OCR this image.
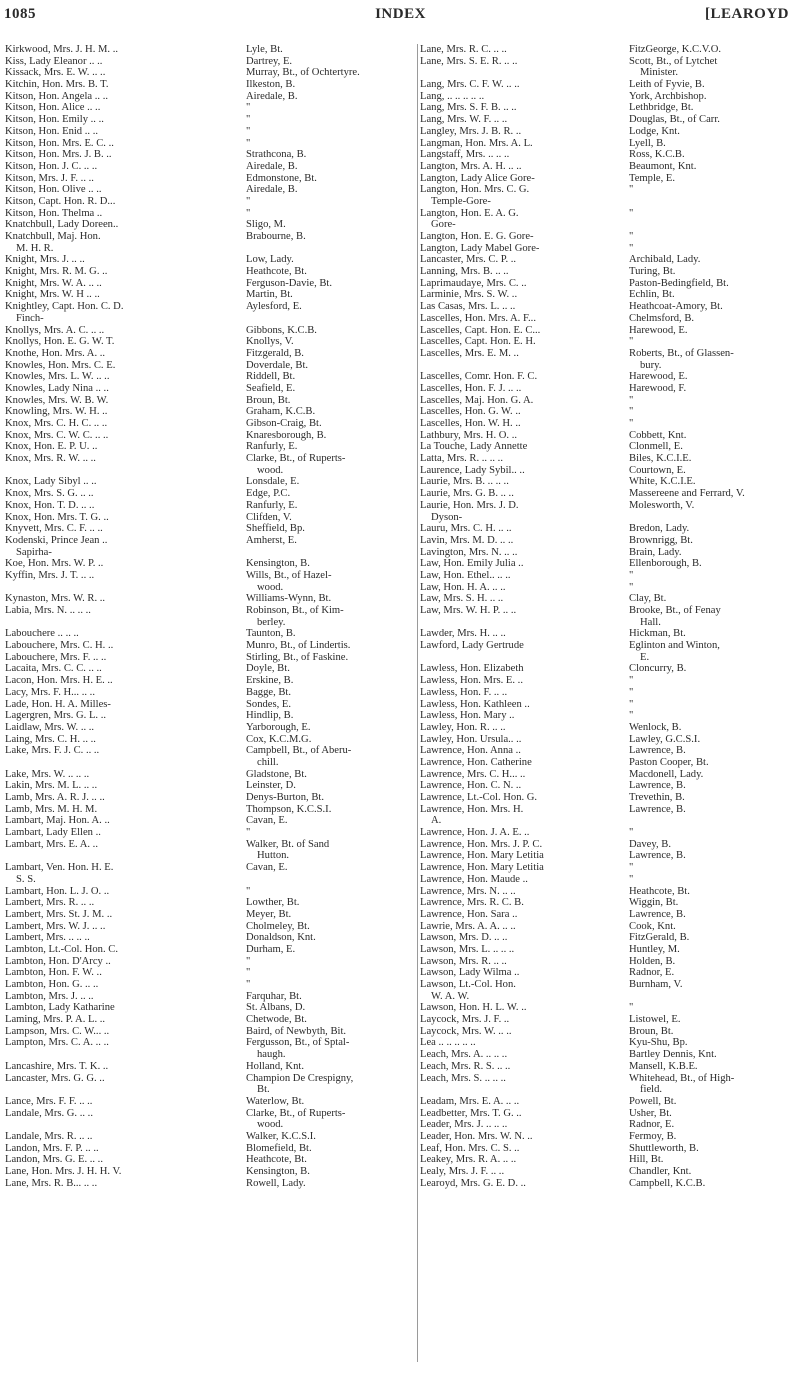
1085	INDEX	[LEAROYD
Kirkwood, Mrs. J. H. M. ..
Kiss, Lady Eleanor .. ..
Kissack, Mrs. E. W. .. ..
Kitchin, Hon. Mrs. B. T.
Kitson, Hon. Angela .. ..
Kitson, Hon. Alice .. ..
Kitson, Hon. Emily .. ..
Kitson, Hon. Enid .. ..
Kitson, Hon. Mrs. E. C. ..
Kitson, Hon. Mrs. J. B. ..
Kitson, Hon. J. C. .. ..
Kitson, Mrs. J. F. .. ..
Kitson, Hon. Olive .. ..
Kitson, Capt. Hon. R. D...
Kitson, Hon. Thelma ..
Knatchbull, Lady Doreen..
Knatchbull, Maj. Hon.
M. H. R.
Knight, Mrs. J. .. ..
Knight, Mrs. R. M. G. ..
Knight, Mrs. W. A. .. ..
Knight, Mrs. W. H .. ..
Knightley, Capt. Hon. C. D.
Finch-
Knollys, Mrs. A. C. .. ..
Knollys, Hon. E. G. W. T.
Knothe, Hon. Mrs. A. ..
Knowles, Hon. Mrs. C. E.
Knowles, Mrs. L. W. .. ..
Knowles, Lady Nina .. ..
Knowles, Mrs. W. B. W.
Knowling, Mrs. W. H. ..
Knox, Mrs. C. H. C. .. ..
Knox, Mrs. C. W. C. .. ..
Knox, Hon. E. P. U. ..
Knox, Mrs. R. W. .. ..
Knox, Lady Sibyl .. ..
Knox, Mrs. S. G. .. ..
Knox, Hon. T. D. .. ..
Knox, Hon. Mrs. T. G. ..
Knyvett, Mrs. C. F. .. ..
Kodenski, Prince Jean ..
Sapirha-
Koe, Hon. Mrs. W. P. ..
Kyffin, Mrs. J. T. .. ..
Kynaston, Mrs. W. R. ..
Labia, Mrs. N. .. .. ..
Labouchere .. .. ..
Labouchere, Mrs. C. H. ..
Labouchere, Mrs. F. .. ..
Lacaita, Mrs. C. C. .. ..
Lacon, Hon. Mrs. H. E. ..
Lacy, Mrs. F. H... .. ..
Lade, Hon. H. A. Milles-
Lagergren, Mrs. G. L. ..
Laidlaw, Mrs. W. .. ..
Laing, Mrs. C. H. .. ..
Lake, Mrs. F. J. C. .. ..
Lake, Mrs. W. .. .. ..
Lakin, Mrs. M. L. .. ..
Lamb, Mrs. A. R. J. .. ..
Lamb, Mrs. M. H. M.
Lambart, Maj. Hon. A. ..
Lambart, Lady Ellen ..
Lambart, Mrs. E. A. ..
Lambart, Ven. Hon. H. E.
S. S.
Lambart, Hon. L. J. O. ..
Lambert, Mrs. R. .. ..
Lambert, Mrs. St. J. M. ..
Lambert, Mrs. W. J. .. ..
Lambert, Mrs. .. .. ..
Lambton, Lt.-Col. Hon. C.
Lambton, Hon. D'Arcy ..
Lambton, Hon. F. W. ..
Lambton, Hon. G. .. ..
Lambton, Mrs. J. .. ..
Lambton, Lady Katharine
Laming, Mrs. P. A. L. ..
Lampson, Mrs. C. W... ..
Lampton, Mrs. C. A. .. ..
Lancashire, Mrs. T. K. ..
Lancaster, Mrs. G. G. ..
Lance, Mrs. F. F. .. ..
Landale, Mrs. G. .. ..
Landale, Mrs. R. .. ..
Landon, Mrs. F. P. .. ..
Landon, Mrs. G. E. .. ..
Lane, Hon. Mrs. J. H. H. V.
Lane, Mrs. R. B... .. ..
Lyle, Bt.
Dartrey, E.
Murray, Bt., of Ochtertyre.
Ilkeston, B.
Airedale, B.
"
"
"
"
Strathcona, B.
Airedale, B.
Edmonstone, Bt.
Airedale, B.
"
"
Sligo, M.
Brabourne, B.
Low, Lady.
Heathcote, Bt.
Ferguson-Davie, Bt.
Martin, Bt.
Aylesford, E.
Gibbons, K.C.B.
Knollys, V.
Fitzgerald, B.
Doverdale, Bt.
Riddell, Bt.
Seafield, E.
Broun, Bt.
Graham, K.C.B.
Gibson-Craig, Bt.
Knaresborough, B.
Ranfurly, E.
Clarke, Bt., of Ruperts-
wood.
Lonsdale, E.
Edge, P.C.
Ranfurly, E.
Clifden, V.
Sheffield, Bp.
Amherst, E.
Kensington, B.
Wills, Bt., of Hazel-
wood.
Williams-Wynn, Bt.
Robinson, Bt., of Kim-
berley.
Taunton, B.
Munro, Bt., of Lindertis.
Stirling, Bt., of Faskine.
Doyle, Bt.
Erskine, B.
Bagge, Bt.
Sondes, E.
Hindlip, B.
Yarborough, E.
Cox, K.C.M.G.
Campbell, Bt., of Aberu-
chill.
Gladstone, Bt.
Leinster, D.
Denys-Burton, Bt.
Thompson, K.C.S.I.
Cavan, E.
"
Walker, Bt. of Sand
Hutton.
Cavan, E.
"
Lowther, Bt.
Meyer, Bt.
Cholmeley, Bt.
Donaldson, Knt.
Durham, E.
"
"
"
Farquhar, Bt.
St. Albans, D.
Chetwode, Bt.
Baird, of Newbyth, Bit.
Fergusson, Bt., of Sptal-
haugh.
Holland, Knt.
Champion De Crespigny,
Bt.
Waterlow, Bt.
Clarke, Bt., of Ruperts-
wood.
Walker, K.C.S.I.
Blomefield, Bt.
Heathcote, Bt.
Kensington, B.
Rowell, Lady.
Lane, Mrs. R. C. .. ..
Lane, Mrs. S. E. R. .. ..
Lang, Mrs. C. F. W. .. ..
Lang, .. .. .. .. ..
Lang, Mrs. S. F. B. .. ..
Lang, Mrs. W. F. .. ..
Langley, Mrs. J. B. R. ..
Langman, Hon. Mrs. A. L.
Langstaff, Mrs. .. .. ..
Langton, Mrs. A. H. .. ..
Langton, Lady Alice Gore-
Langton, Hon. Mrs. C. G.
Temple-Gore-
Langton, Hon. E. A. G.
Gore-
Langton, Hon. E. G. Gore-
Langton, Lady Mabel Gore-
Lancaster, Mrs. C. P. ..
Lanning, Mrs. B. .. ..
Laprimaudaye, Mrs. C. ..
Larminie, Mrs. S. W. ..
Las Casas, Mrs. L. .. ..
Lascelles, Hon. Mrs. A. F...
Lascelles, Capt. Hon. E. C...
Lascelles, Capt. Hon. E. H.
Lascelles, Mrs. E. M. ..
Lascelles, Comr. Hon. F. C.
Lascelles, Hon. F. J. .. ..
Lascelles, Maj. Hon. G. A.
Lascelles, Hon. G. W. ..
Lascelles, Hon. W. H. ..
Lathbury, Mrs. H. O. ..
La Touche, Lady Annette
Latta, Mrs. R. .. .. ..
Laurence, Lady Sybil.. ..
Laurie, Mrs. B. .. .. ..
Laurie, Mrs. G. B. .. ..
Laurie, Hon. Mrs. J. D.
Dyson-
Lauru, Mrs. C. H. .. ..
Lavin, Mrs. M. D. .. ..
Lavington, Mrs. N. .. ..
Law, Hon. Emily Julia ..
Law, Hon. Ethel.. .. ..
Law, Hon. H. A. .. ..
Law, Mrs. S. H. .. ..
Law, Mrs. W. H. P. .. ..
Lawder, Mrs. H. .. ..
Lawford, Lady Gertrude
Lawless, Hon. Elizabeth
Lawless, Hon. Mrs. E. ..
Lawless, Hon. F. .. ..
Lawless, Hon. Kathleen ..
Lawless, Hon. Mary ..
Lawley, Hon. R. .. ..
Lawley, Hon. Ursula.. ..
Lawrence, Hon. Anna ..
Lawrence, Hon. Catherine
Lawrence, Mrs. C. H... ..
Lawrence, Hon. C. N. ..
Lawrence, Lt.-Col. Hon. G.
Lawrence, Hon. Mrs. H.
A.
Lawrence, Hon. J. A. E. ..
Lawrence, Hon. Mrs. J. P. C.
Lawrence, Hon. Mary Letitia
Lawrence, Hon. Mary Letitia
Lawrence, Hon. Maude ..
Lawrence, Mrs. N. .. ..
Lawrence, Mrs. R. C. B.
Lawrence, Hon. Sara ..
Lawrie, Mrs. A. A. .. ..
Lawson, Mrs. D. .. ..
Lawson, Mrs. L. .. .. ..
Lawson, Mrs. R. .. ..
Lawson, Lady Wilma ..
Lawson, Lt.-Col. Hon.
W. A. W.
Lawson, Hon. H. L. W. ..
Laycock, Mrs. J. F. ..
Laycock, Mrs. W. .. ..
Lea .. .. .. .. ..
Leach, Mrs. A. .. .. ..
Leach, Mrs. R. S. .. ..
Leach, Mrs. S. .. .. ..
Leadam, Mrs. E. A. .. ..
Leadbetter, Mrs. T. G. ..
Leader, Mrs. J. .. .. ..
Leader, Hon. Mrs. W. N. ..
Leaf, Hon. Mrs. C. S. ..
Leakey, Mrs. R. A. .. ..
Lealy, Mrs. J. F. .. ..
Learoyd, Mrs. G. E. D. ..
FitzGeorge, K.C.V.O.
Scott, Bt., of Lytchet
Minister.
Leith of Fyvie, B.
York, Archbishop.
Lethbridge, Bt.
Douglas, Bt., of Carr.
Lodge, Knt.
Lyell, B.
Ross, K.C.B.
Beaumont, Knt.
Temple, E.
"
"
"
"
Archibald, Lady.
Turing, Bt.
Paston-Bedingfield, Bt.
Echlin, Bt.
Heathcoat-Amory, Bt.
Chelmsford, B.
Harewood, E.
"
Roberts, Bt., of Glassen-
bury.
Harewood, E.
Harewood, F.
"
"
"
Cobbett, Knt.
Clonmell, E.
Biles, K.C.I.E.
Courtown, E.
White, K.C.I.E.
Massereene and Ferrard, V.
Molesworth, V.
Bredon, Lady.
Brownrigg, Bt.
Brain, Lady.
Ellenborough, B.
"
"
Clay, Bt.
Brooke, Bt., of Fenay
Hall.
Hickman, Bt.
Eglinton and Winton,
E.
Cloncurry, B.
"
"
"
"
Wenlock, B.
Lawley, G.C.S.I.
Lawrence, B.
Paston Cooper, Bt.
Macdonell, Lady.
Lawrence, B.
Trevethin, B.
Lawrence, B.
"
Davey, B.
Lawrence, B.
"
"
Heathcote, Bt.
Wiggin, Bt.
Lawrence, B.
Cook, Knt.
FitzGerald, B.
Huntley, M.
Holden, B.
Radnor, E.
Burnham, V.
"
Listowel, E.
Broun, Bt.
Kyu-Shu, Bp.
Bartley Dennis, Knt.
Mansell, K.B.E.
Whitehead, Bt., of High-
field.
Powell, Bt.
Usher, Bt.
Radnor, E.
Fermoy, B.
Shuttleworth, B.
Hill, Bt.
Chandler, Knt.
Campbell, K.C.B.
